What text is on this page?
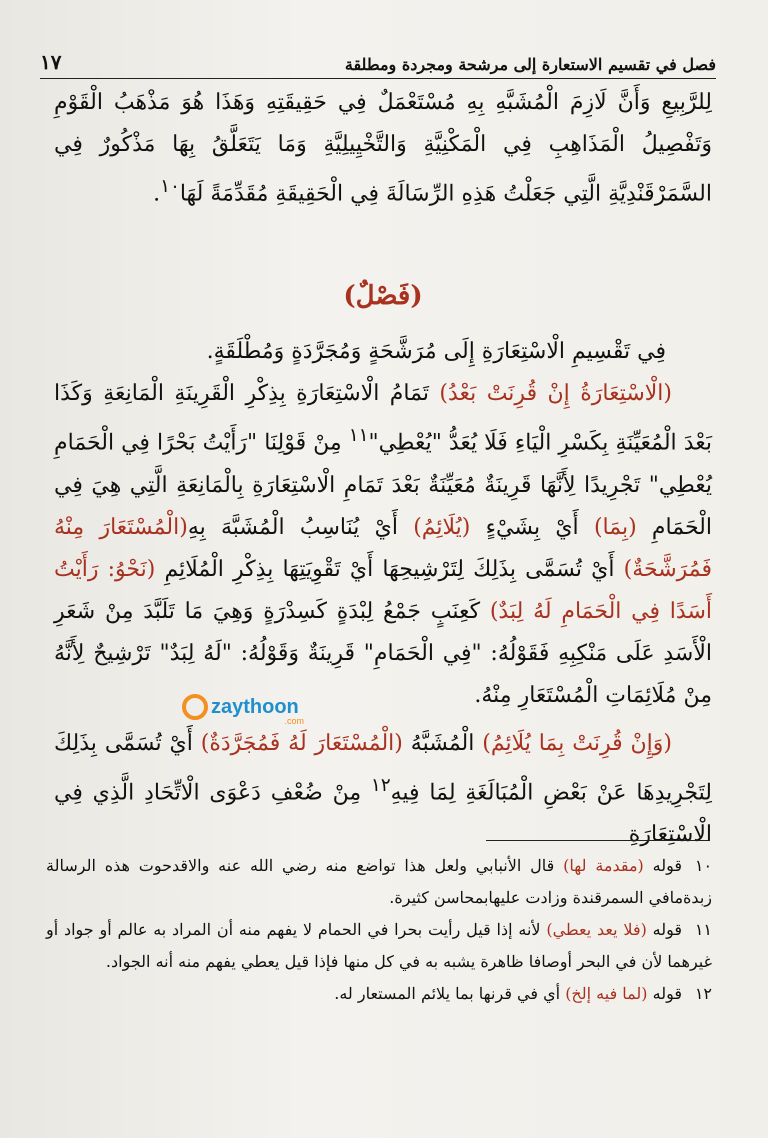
١٧	فصل في تقسيم الاستعارة إلى مرشحة ومجردة ومطلقة

لِلرَّبِيعِ وَأَنَّ لَازِمَ الْمُشَبَّهِ بِهِ مُسْتَعْمَلٌ فِي حَقِيقَتِهِ وَهَذَا هُوَ مَذْهَبُ الْقَوْمِ وَتَفْصِيلُ الْمَذَاهِبِ فِي الْمَكْنِيَّةِ وَالتَّخْيِيلِيَّةِ وَمَا يَتَعَلَّقُ بِهَا مَذْكُورٌ فِي السَّمَرْقَنْدِيَّةِ الَّتِي جَعَلْتُ هَذِهِ الرِّسَالَةَ فِي الْحَقِيقَةِ مُقَدِّمَةً لَهَا$^{١٠}$.

(فَصْلٌ)

فِي تَقْسِيمِ الْاسْتِعَارَةِ إِلَى مُرَشَّحَةٍ وَمُجَرَّدَةٍ وَمُطْلَقَةٍ.

(الْاسْتِعَارَةُ إِنْ قُرِنَتْ بَعْدُ) تَمَامُ الْاسْتِعَارَةِ بِذِكْرِ الْقَرِينَةِ الْمَانِعَةِ وَكَذَا بَعْدَ الْمُعَيِّنَةِ بِكَسْرِ الْيَاءِ فَلَا يُعَدُّ "يُعْطِي"$^{١١}$ مِنْ قَوْلِنَا "رَأَيْتُ بَحْرًا فِي الْحَمَامِ يُعْطِي" تَجْرِيدًا لِأَنَّهَا قَرِينَةٌ مُعَيِّنَةٌ بَعْدَ تَمَامِ الْاسْتِعَارَةِ بِالْمَانِعَةِ الَّتِي هِيَ فِي الْحَمَامِ (بِمَا) أَيْ بِشَيْءٍ (يُلَائِمُ) أَيْ يُنَاسِبُ الْمُشَبَّهَ بِهِ(الْمُسْتَعَارَ مِنْهُ فَمُرَشَّحَةٌ) أَيْ تُسَمَّى بِذَلِكَ لِتَرْشِيحِهَا أَيْ تَقْوِيَتِهَا بِذِكْرِ الْمُلَائِمِ (نَحْوُ: رَأَيْتُ أَسَدًا فِي الْحَمَامِ لَهُ لِبَدٌ) كَعِنَبٍ جَمْعُ لِبْدَةٍ كَسِدْرَةٍ وَهِيَ مَا تَلَبَّدَ مِنْ شَعَرِ الْأَسَدِ عَلَى مَنْكِبِهِ فَقَوْلُهُ: "فِي الْحَمَامِ" قَرِينَةٌ وَقَوْلُهُ: "لَهُ لِبَدٌ" تَرْشِيحٌ لِأَنَّهُ مِنْ مُلَائِمَاتِ الْمُسْتَعَارِ مِنْهُ.

(وَإِنْ قُرِنَتْ بِمَا يُلَائِمُ) الْمُشَبَّهُ (الْمُسْتَعَارَ لَهُ فَمُجَرَّدَةٌ) أَيْ تُسَمَّى بِذَلِكَ لِتَجْرِيدِهَا عَنْ بَعْضِ الْمُبَالَغَةِ لِمَا فِيهِ$^{١٢}$ مِنْ ضُعْفِ دَعْوَى الْاتِّحَادِ الَّذِي فِي الْاسْتِعَارَةِ

zaythoon
.com

١٠قوله (مقدمة لها) قال الأنبابي ولعل هذا تواضع منه رضي الله عنه والاقدحوت هذه الرسالة زبدةمافي السمرقندة وزادت عليهابمحاسن كثيرة.

١١قوله (فلا يعد يعطي) لأنه إذا قيل رأيت بحرا في الحمام لا يفهم منه أن المراد به عالم أو جواد أو غيرهما لأن في البحر أوصافا ظاهرة يشبه به في كل منها فإذا قيل يعطي يفهم منه أنه الجواد.

١٢قوله (لما فيه إلخ) أي في قرنها بما يلائم المستعار له.
